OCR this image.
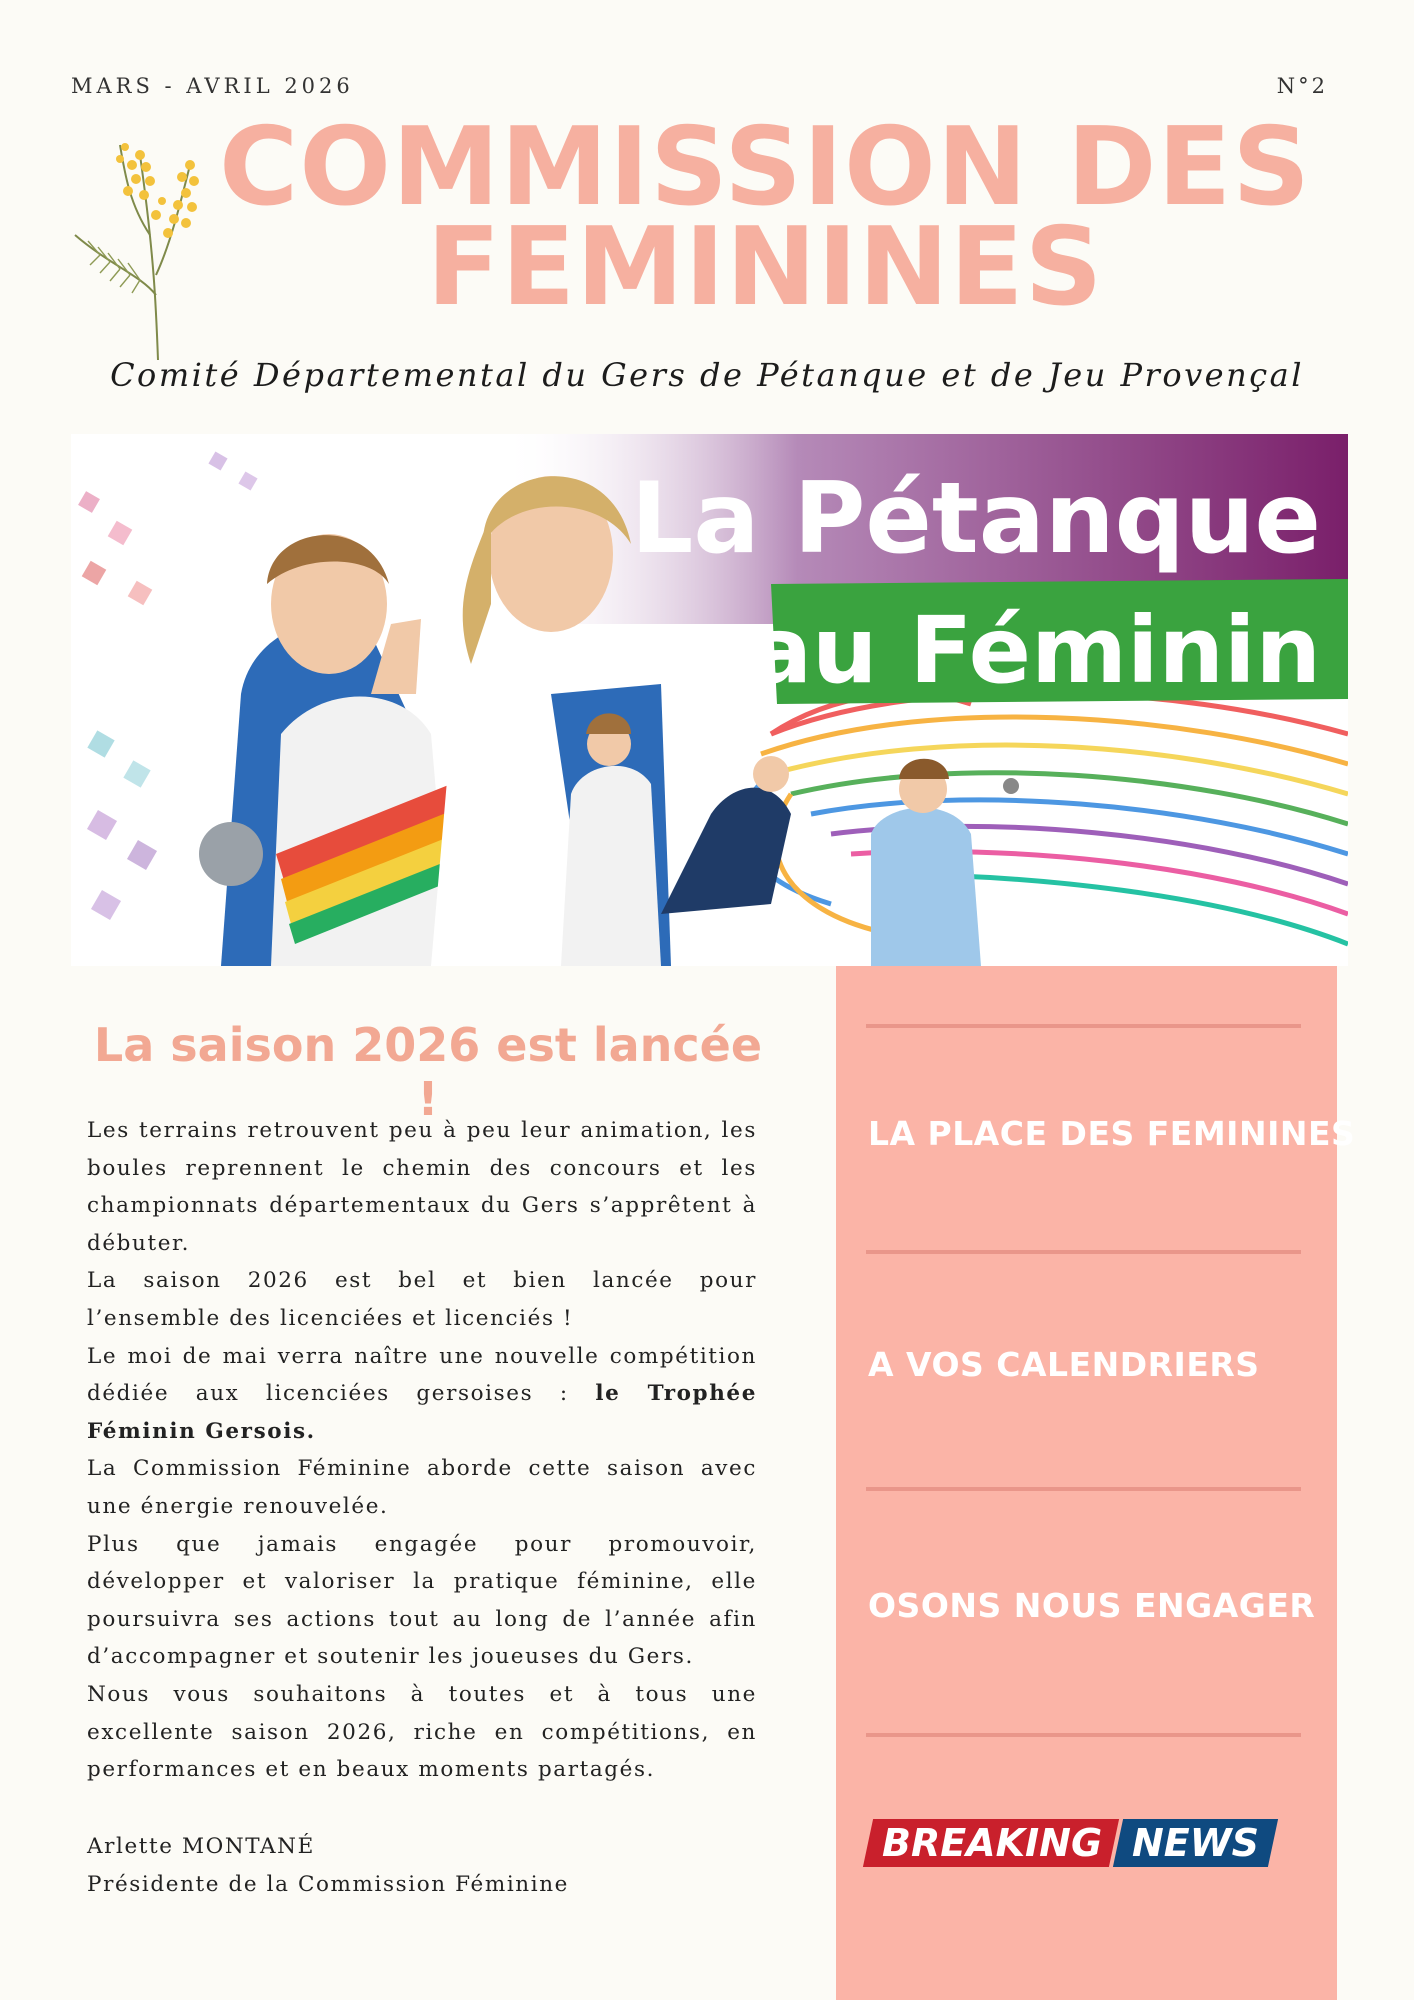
MARS - AVRIL 2026	N°2
COMMISSION DES
FEMININES
Comité Départemental du Gers de Pétanque et de Jeu Provençal
La Pétanque
au Féminin
La saison 2026 est lancée !

Les terrains retrouvent peu à peu leur animation, les boules reprennent le chemin des concours et les championnats départementaux du Gers s’apprêtent à débuter.

La saison 2026 est bel et bien lancée pour l’ensemble des licenciées et licenciés !

Le moi de mai verra naître une nouvelle compétition dédiée aux licenciées gersoises : le Trophée Féminin Gersois.

La Commission Féminine aborde cette saison avec une énergie renouvelée.

Plus que jamais engagée pour promouvoir, développer et valoriser la pratique féminine, elle poursuivra ses actions tout au long de l’année afin d’accompagner et soutenir les joueuses du Gers.

Nous vous souhaitons à toutes et à tous une excellente saison 2026, riche en compétitions, en performances et en beaux moments partagés.

Arlette MONTANÉ
Présidente de la Commission Féminine
LA PLACE DES FEMININES
A VOS CALENDRIERS
OSONS NOUS ENGAGER
BREAKING NEWS
